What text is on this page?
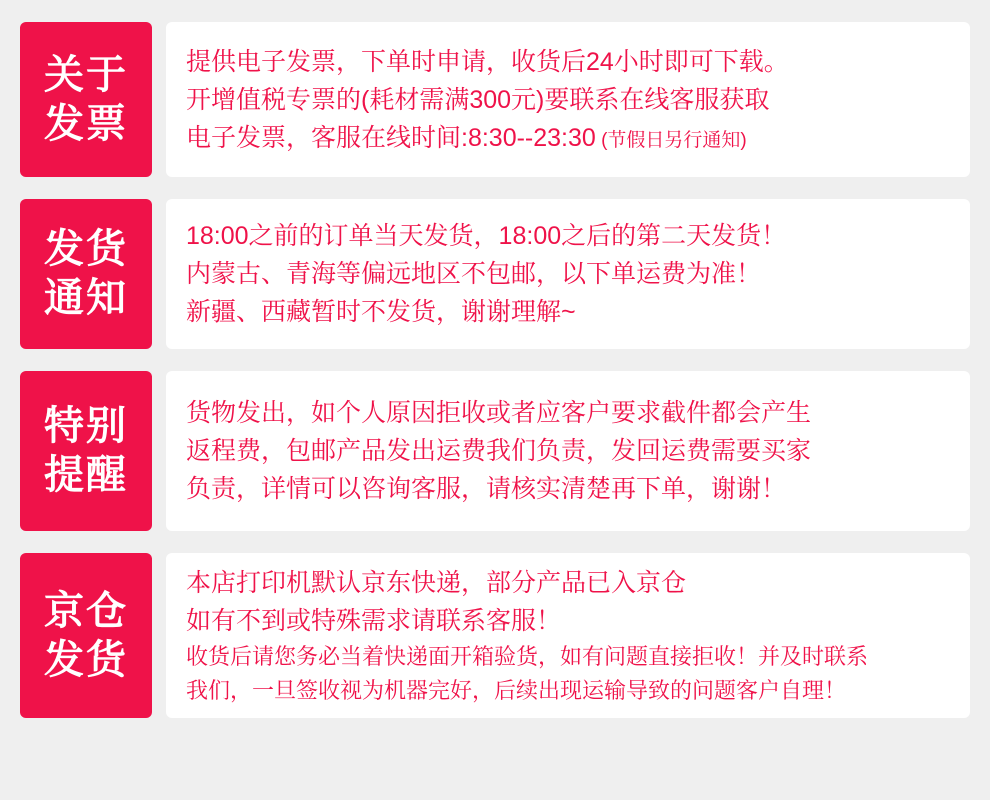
关于
发票
提供电子发票，下单时申请，收货后24小时即可下载。
开增值税专票的(耗材需满300元)要联系在线客服获取
电子发票，客服在线时间:8:30--23:30 (节假日另行通知)
发货
通知
18:00之前的订单当天发货，18:00之后的第二天发货！
内蒙古、青海等偏远地区不包邮，以下单运费为准！
新疆、西藏暂时不发货，谢谢理解~
特别
提醒
货物发出，如个人原因拒收或者应客户要求截件都会产生
返程费，包邮产品发出运费我们负责，发回运费需要买家
负责，详情可以咨询客服，请核实清楚再下单，谢谢！
京仓
发货
本店打印机默认京东快递，部分产品已入京仓
如有不到或特殊需求请联系客服！
收货后请您务必当着快递面开箱验货，如有问题直接拒收！并及时联系
我们，一旦签收视为机器完好，后续出现运输导致的问题客户自理！
